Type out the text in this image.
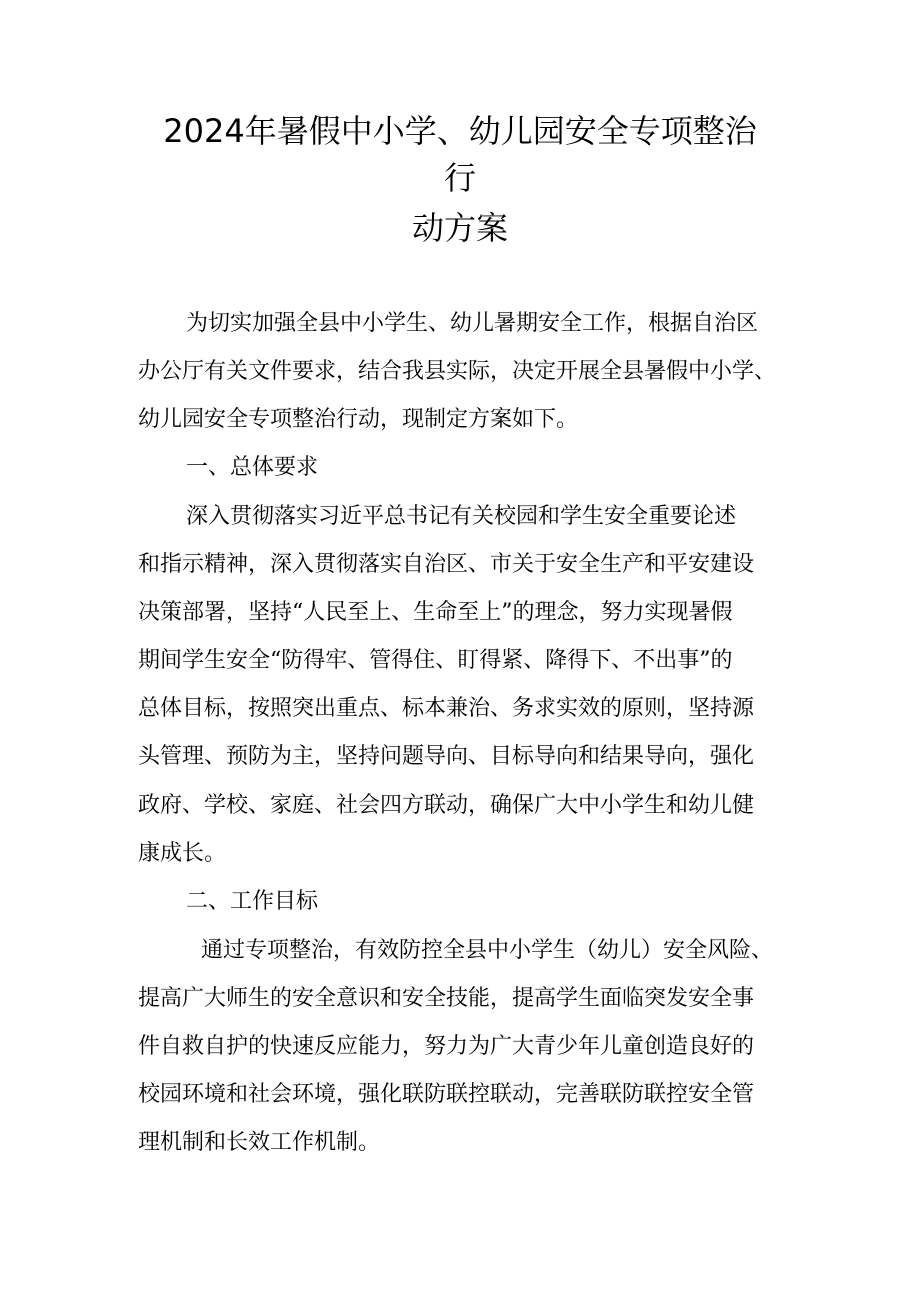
2024年暑假中小学、幼儿园安全专项整治
行
动方案
为切实加强全县中小学生、幼儿暑期安全工作，根据自治区
办公厅有关文件要求，结合我县实际，决定开展全县暑假中小学、
幼儿园安全专项整治行动，现制定方案如下。
一、总体要求
深入贯彻落实习近平总书记有关校园和学生安全重要论述
和指示精神，深入贯彻落实自治区、市关于安全生产和平安建设
决策部署，坚持“人民至上、生命至上”的理念，努力实现暑假
期间学生安全“防得牢、管得住、盯得紧、降得下、不出事”的
总体目标，按照突出重点、标本兼治、务求实效的原则，坚持源
头管理、预防为主，坚持问题导向、目标导向和结果导向，强化
政府、学校、家庭、社会四方联动，确保广大中小学生和幼儿健
康成长。
二、工作目标
通过专项整治，有效防控全县中小学生（幼儿）安全风险、
提高广大师生的安全意识和安全技能，提高学生面临突发安全事
件自救自护的快速反应能力，努力为广大青少年儿童创造良好的
校园环境和社会环境，强化联防联控联动，完善联防联控安全管
理机制和长效工作机制。
